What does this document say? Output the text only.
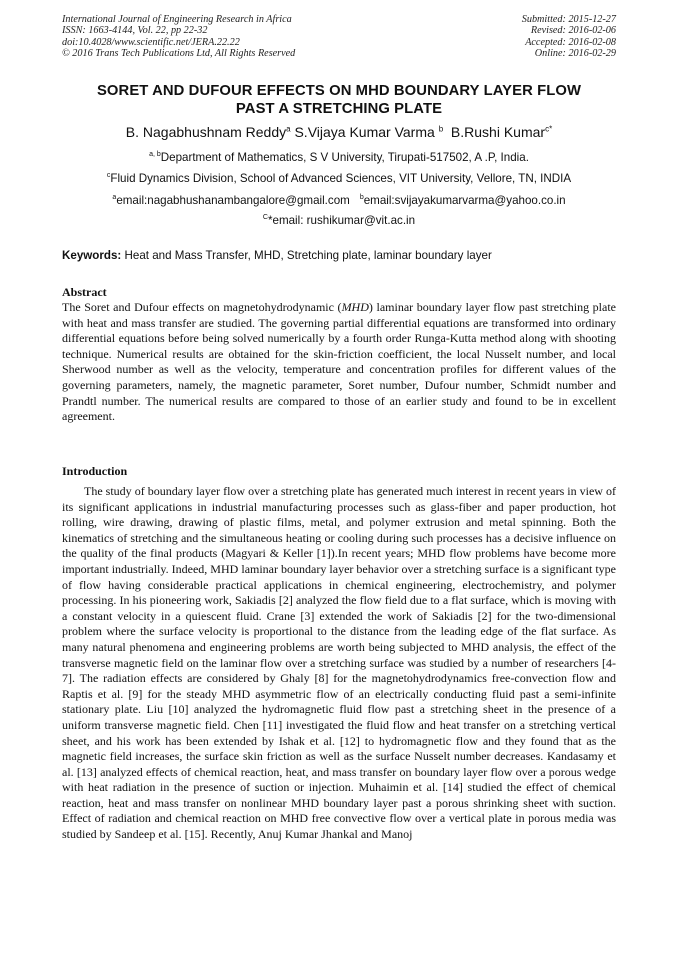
International Journal of Engineering Research in Africa
ISSN: 1663-4144, Vol. 22, pp 22-32
doi:10.4028/www.scientific.net/JERA.22.22
© 2016 Trans Tech Publications Ltd, All Rights Reserved
Submitted: 2015-12-27
Revised: 2016-02-06
Accepted: 2016-02-08
Online: 2016-02-29
SORET AND DUFOUR EFFECTS ON MHD BOUNDARY LAYER FLOW
PAST A STRETCHING PLATE
B. Nagabhushnam Reddy$^a$ S.Vijaya Kumar Varma $^b$ B.Rushi Kumar$^{c*}$
$^{a, b}$Department of Mathematics, S V University, Tirupati-517502, A .P, India.
$^c$Fluid Dynamics Division, School of Advanced Sciences, VIT University, Vellore, TN, INDIA
$^a$email:nagabhushanambangalore@gmail.com $^b$email:svijayakumarvarma@yahoo.co.in
$^C$*email: rushikumar@vit.ac.in
Keywords: Heat and Mass Transfer, MHD, Stretching plate, laminar boundary layer
Abstract
The Soret and Dufour effects on magnetohydrodynamic (MHD) laminar boundary layer flow past stretching plate with heat and mass transfer are studied. The governing partial differential equations are transformed into ordinary differential equations before being solved numerically by a fourth order Runga-Kutta method along with shooting technique. Numerical results are obtained for the skin-friction coefficient, the local Nusselt number, and local Sherwood number as well as the velocity, temperature and concentration profiles for different values of the governing parameters, namely, the magnetic parameter, Soret number, Dufour number, Schmidt number and Prandtl number. The numerical results are compared to those of an earlier study and found to be in excellent agreement.
Introduction
The study of boundary layer flow over a stretching plate has generated much interest in recent years in view of its significant applications in industrial manufacturing processes such as glass-fiber and paper production, hot rolling, wire drawing, drawing of plastic films, metal, and polymer extrusion and metal spinning. Both the kinematics of stretching and the simultaneous heating or cooling during such processes has a decisive influence on the quality of the final products (Magyari & Keller [1]).In recent years; MHD flow problems have become more important industrially. Indeed, MHD laminar boundary layer behavior over a stretching surface is a significant type of flow having considerable practical applications in chemical engineering, electrochemistry, and polymer processing. In his pioneering work, Sakiadis [2] analyzed the flow field due to a flat surface, which is moving with a constant velocity in a quiescent fluid. Crane [3] extended the work of Sakiadis [2] for the two-dimensional problem where the surface velocity is proportional to the distance from the leading edge of the flat surface. As many natural phenomena and engineering problems are worth being subjected to MHD analysis, the effect of the transverse magnetic field on the laminar flow over a stretching surface was studied by a number of researchers [4-7]. The radiation effects are considered by Ghaly [8] for the magnetohydrodynamics free-convection flow and Raptis et al. [9] for the steady MHD asymmetric flow of an electrically conducting fluid past a semi-infinite stationary plate. Liu [10] analyzed the hydromagnetic fluid flow past a stretching sheet in the presence of a uniform transverse magnetic field. Chen [11] investigated the fluid flow and heat transfer on a stretching vertical sheet, and his work has been extended by Ishak et al. [12] to hydromagnetic flow and they found that as the magnetic field increases, the surface skin friction as well as the surface Nusselt number decreases. Kandasamy et al. [13] analyzed effects of chemical reaction, heat, and mass transfer on boundary layer flow over a porous wedge with heat radiation in the presence of suction or injection. Muhaimin et al. [14] studied the effect of chemical reaction, heat and mass transfer on nonlinear MHD boundary layer past a porous shrinking sheet with suction. Effect of radiation and chemical reaction on MHD free convective flow over a vertical plate in porous media was studied by Sandeep et al. [15]. Recently, Anuj Kumar Jhankal and Manoj
